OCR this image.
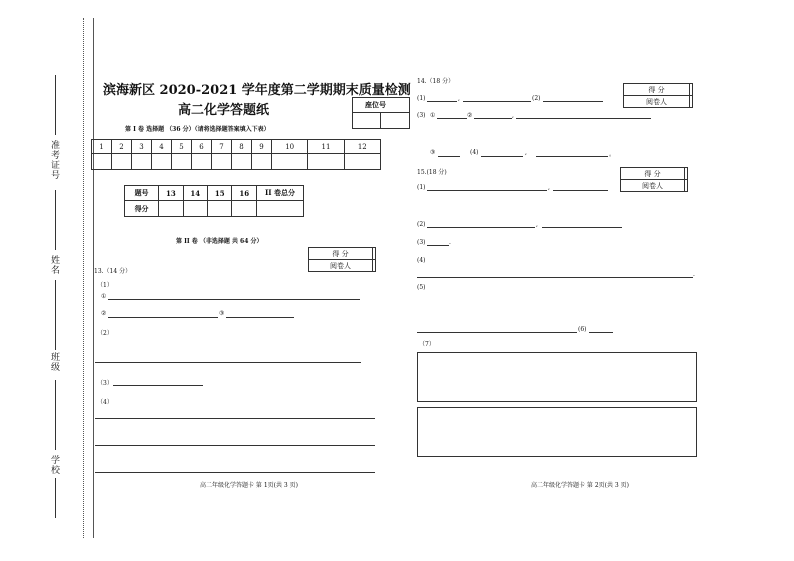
准考证号
姓名
班级
学校
滨海新区 2020-2021 学年度第二学期期末质量检测
高二化学答题纸	座位号
第 I 卷 选择题 （36 分）（请将选择题答案填入下表）
1	2	3	4	5	6	7	8	9	10	11	12

题号	13	14	15	16	II 卷总分
得分					
第 II 卷 （非选择题 共 64 分）
得 分	
阅卷人	
13.（14 分）
（1）
①
②	③
（2）
（3）
（4）
高二年级化学答题卡 第 1页(共 3 页)
14.（18 分）
得 分	
阅卷人	
(1)	,	(2)
(3) ①	②	,
③	(4)	,	。
15.(18 分)	得 分	
阅卷人	
(1)	,
(2)	,
(3)	.
(4)
.
(5)
(6)
（7）
高二年级化学答题卡 第 2页(共 3 页)
